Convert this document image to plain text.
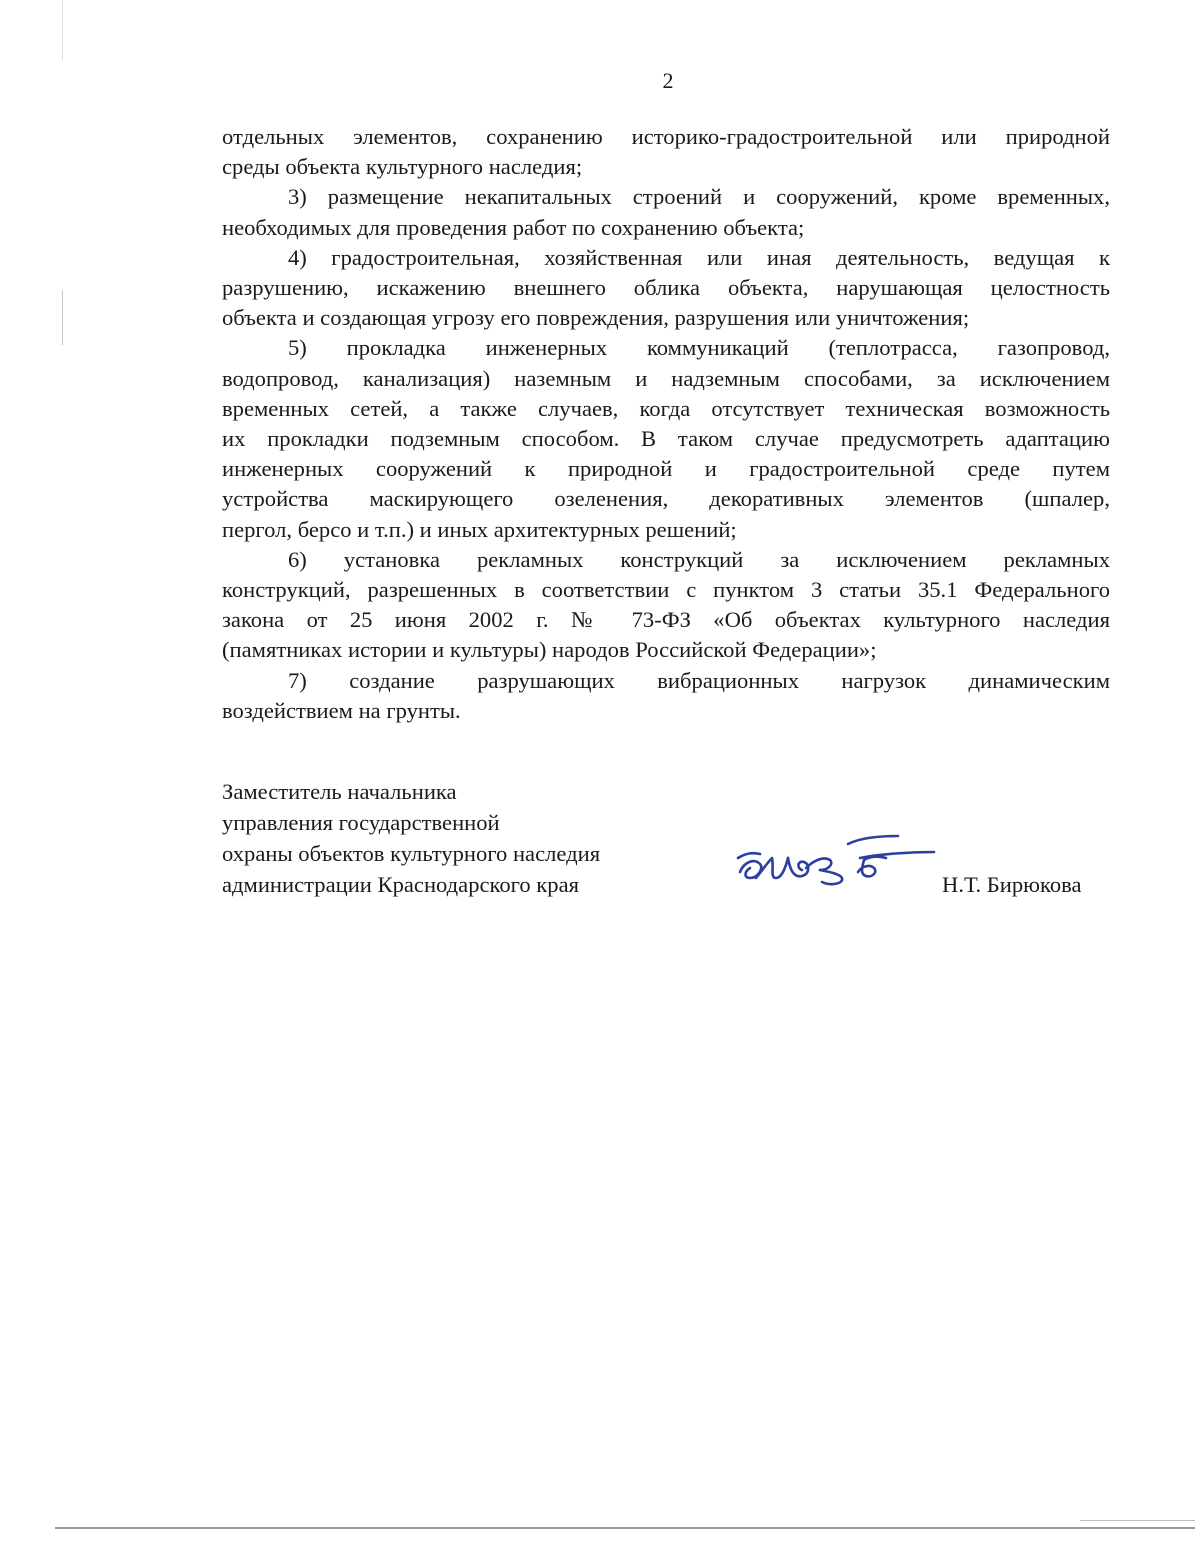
2
отдельных элементов, сохранению историко-градостроительной или природной
среды объекта культурного наследия;
3) размещение некапитальных строений и сооружений, кроме временных,
необходимых для проведения работ по сохранению объекта;
4) градостроительная, хозяйственная или иная деятельность, ведущая к
разрушению, искажению внешнего облика объекта, нарушающая целостность
объекта и создающая угрозу его повреждения, разрушения или уничтожения;
5) прокладка инженерных коммуникаций (теплотрасса, газопровод,
водопровод, канализация) наземным и надземным способами, за исключением
временных сетей, а также случаев, когда отсутствует техническая возможность
их прокладки подземным способом. В таком случае предусмотреть адаптацию
инженерных сооружений к природной и градостроительной среде путем
устройства маскирующего озеленения, декоративных элементов (шпалер,
пергол, берсо и т.п.) и иных архитектурных решений;
6) установка рекламных конструкций за исключением рекламных
конструкций, разрешенных в соответствии с пунктом 3 статьи 35.1 Федерального
закона от 25 июня 2002 г. № 73-ФЗ «Об объектах культурного наследия
(памятниках истории и культуры) народов Российской Федерации»;
7) создание разрушающих вибрационных нагрузок динамическим
воздействием на грунты.
Заместитель начальника
управления государственной
охраны объектов культурного наследия
администрации Краснодарского края	Н.Т. Бирюкова
